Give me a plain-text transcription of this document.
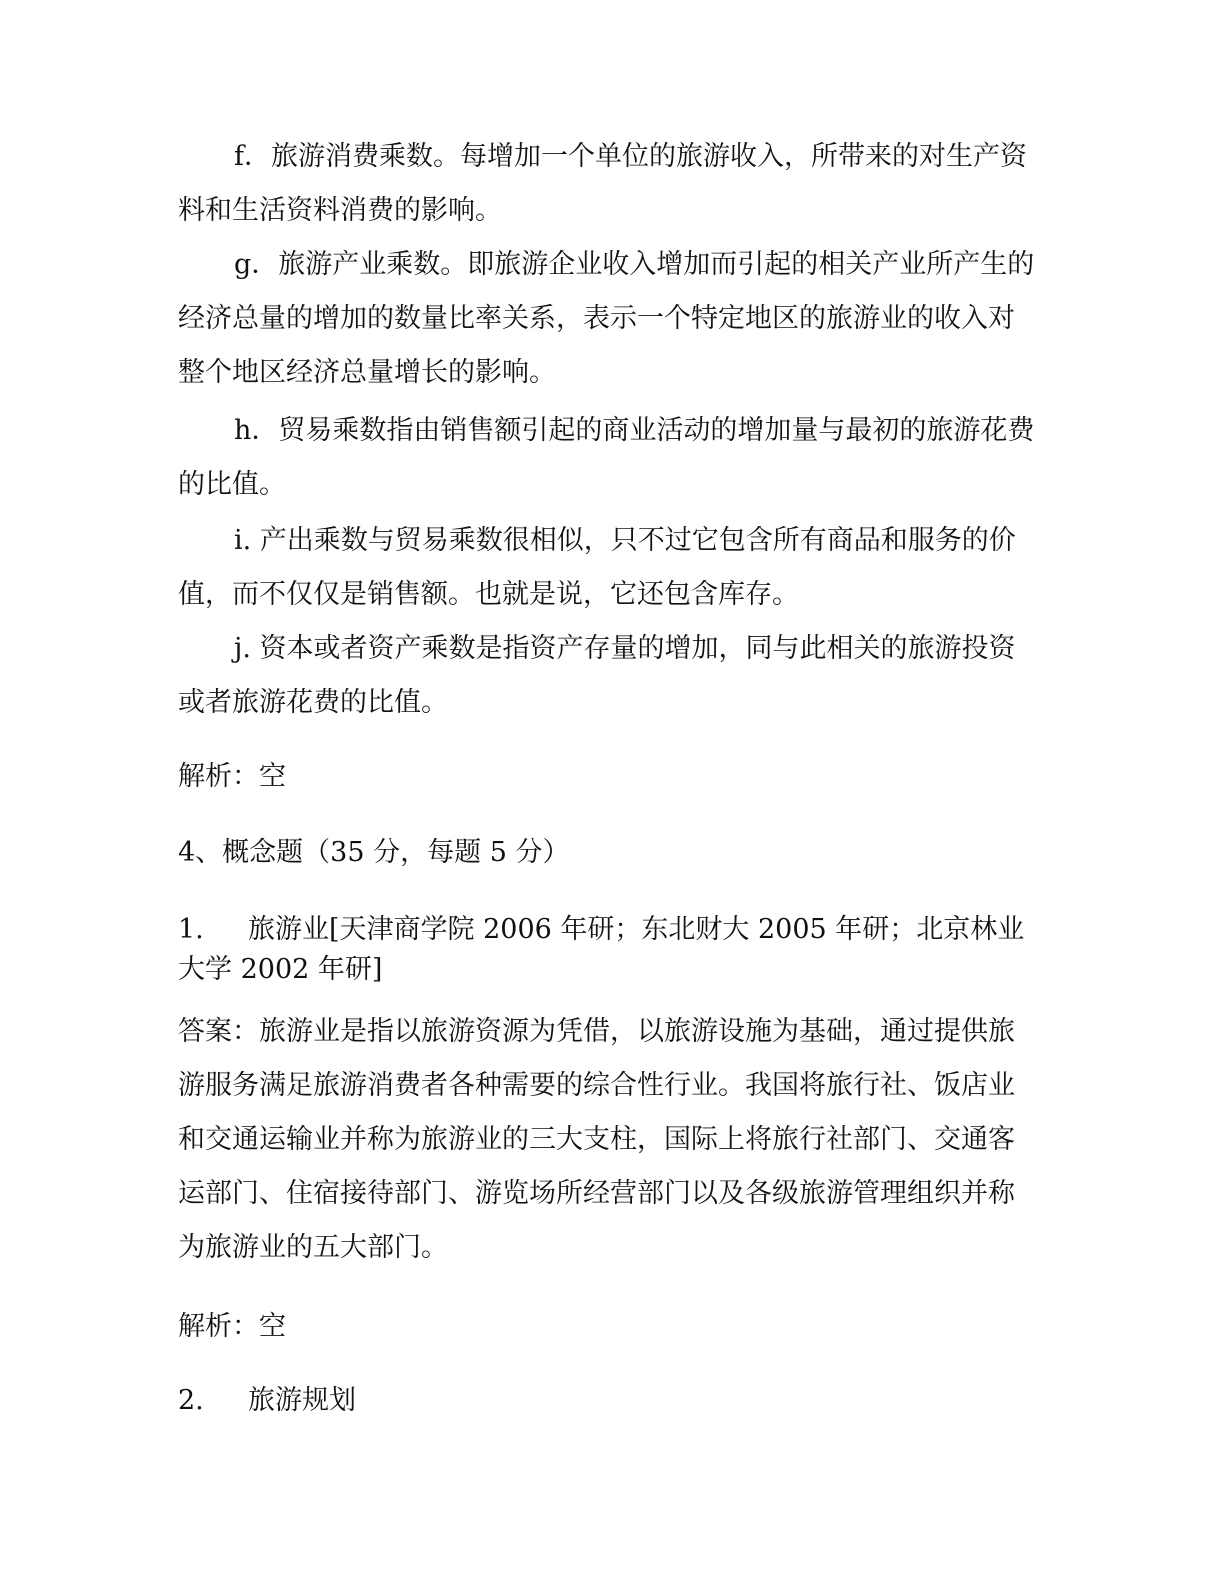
f．旅游消费乘数。每增加一个单位的旅游收入，所带来的对生产资料和生活资料消费的影响。

g．旅游产业乘数。即旅游企业收入增加而引起的相关产业所产生的经济总量的增加的数量比率关系，表示一个特定地区的旅游业的收入对整个地区经济总量增长的影响。

h．贸易乘数指由销售额引起的商业活动的增加量与最初的旅游花费的比值。

i. 产出乘数与贸易乘数很相似，只不过它包含所有商品和服务的价值，而不仅仅是销售额。也就是说，它还包含库存。

j. 资本或者资产乘数是指资产存量的增加，同与此相关的旅游投资或者旅游花费的比值。

解析：空

4、概念题（35 分，每题 5 分）

1. 旅游业[天津商学院 2006 年研；东北财大 2005 年研；北京林业大学 2002 年研]

答案：旅游业是指以旅游资源为凭借，以旅游设施为基础，通过提供旅游服务满足旅游消费者各种需要的综合性行业。我国将旅行社、饭店业和交通运输业并称为旅游业的三大支柱，国际上将旅行社部门、交通客运部门、住宿接待部门、游览场所经营部门以及各级旅游管理组织并称为旅游业的五大部门。

解析：空

2. 旅游规划
